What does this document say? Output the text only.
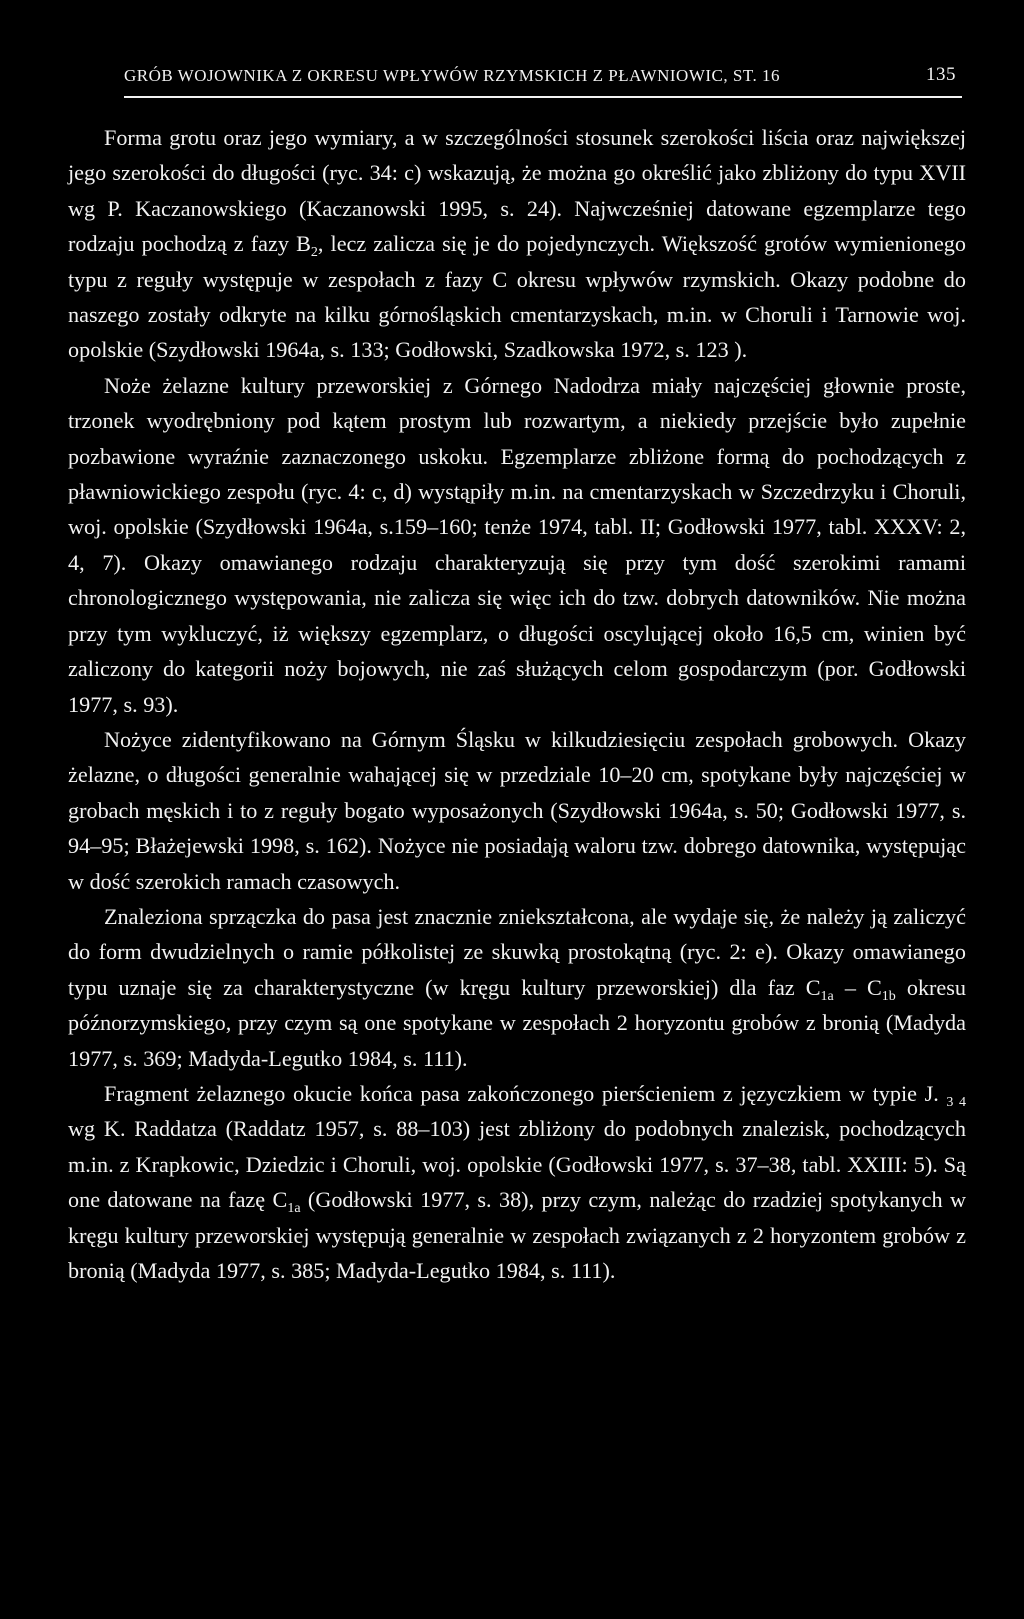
GRÓB WOJOWNIKA Z OKRESU WPŁYWÓW RZYMSKICH Z PŁAWNIOWIC, ST. 16	135

Forma grotu oraz jego wymiary, a w szczególności stosunek szerokości liścia oraz największej jego szerokości do długości (ryc. 34: c) wskazują, że można go określić jako zbliżony do typu XVII wg P. Kaczanowskiego (Kaczanowski 1995, s. 24). Najwcześniej datowane egzemplarze tego rodzaju pochodzą z fazy $B_2$, lecz zalicza się je do pojedynczych. Większość grotów wymienionego typu z reguły występuje w zespołach z fazy C okresu wpływów rzymskich. Okazy podobne do naszego zostały odkryte na kilku górnośląskich cmentarzyskach, m.in. w Choruli i Tarnowie woj. opolskie (Szydłowski 1964a, s. 133; Godłowski, Szadkowska 1972, s. 123 ).

Noże żelazne kultury przeworskiej z Górnego Nadodrza miały najczęściej głownie proste, trzonek wyodrębniony pod kątem prostym lub rozwartym, a niekiedy przejście było zupełnie pozbawione wyraźnie zaznaczonego uskoku. Egzemplarze zbliżone formą do pochodzących z pławniowickiego zespołu (ryc. 4: c, d) wystąpiły m.in. na cmentarzyskach w Szczedrzyku i Choruli, woj. opolskie (Szydłowski 1964a, s.159–160; tenże 1974, tabl. II; Godłowski 1977, tabl. XXXV: 2, 4, 7). Okazy omawianego rodzaju charakteryzują się przy tym dość szerokimi ramami chronologicznego występowania, nie zalicza się więc ich do tzw. dobrych datowników. Nie można przy tym wykluczyć, iż większy egzemplarz, o długości oscylującej około 16,5 cm, winien być zaliczony do kategorii noży bojowych, nie zaś służących celom gospodarczym (por. Godłowski 1977, s. 93).

Nożyce zidentyfikowano na Górnym Śląsku w kilkudziesięciu zespołach grobowych. Okazy żelazne, o długości generalnie wahającej się w przedziale 10–20 cm, spotykane były najczęściej w grobach męskich i to z reguły bogato wyposażonych (Szydłowski 1964a, s. 50; Godłowski 1977, s. 94–95; Błażejewski 1998, s. 162). Nożyce nie posiadają waloru tzw. dobrego datownika, występując w dość szerokich ramach czasowych.

Znaleziona sprzączka do pasa jest znacznie zniekształcona, ale wydaje się, że należy ją zaliczyć do form dwudzielnych o ramie półkolistej ze skuwką prostokątną (ryc. 2: e). Okazy omawianego typu uznaje się za charakterystyczne (w kręgu kultury przeworskiej) dla faz $C_{1a} - C_{1b}$ okresu późnorzymskiego, przy czym są one spotykane w zespołach 2 horyzontu grobów z bronią (Madyda 1977, s. 369; Madyda-Legutko 1984, s. 111).

Fragment żelaznego okucie końca pasa zakończonego pierścieniem z języczkiem w typie J. $_{3 4}$ wg K. Raddatza (Raddatz 1957, s. 88–103) jest zbliżony do podobnych znalezisk, pochodzących m.in. z Krapkowic, Dziedzic i Choruli, woj. opolskie (Godłowski 1977, s. 37–38, tabl. XXIII: 5). Są one datowane na fazę $C_{1a}$ (Godłowski 1977, s. 38), przy czym, należąc do rzadziej spotykanych w kręgu kultury przeworskiej występują generalnie w zespołach związanych z 2 horyzontem grobów z bronią (Madyda 1977, s. 385; Madyda-Legutko 1984, s. 111).
